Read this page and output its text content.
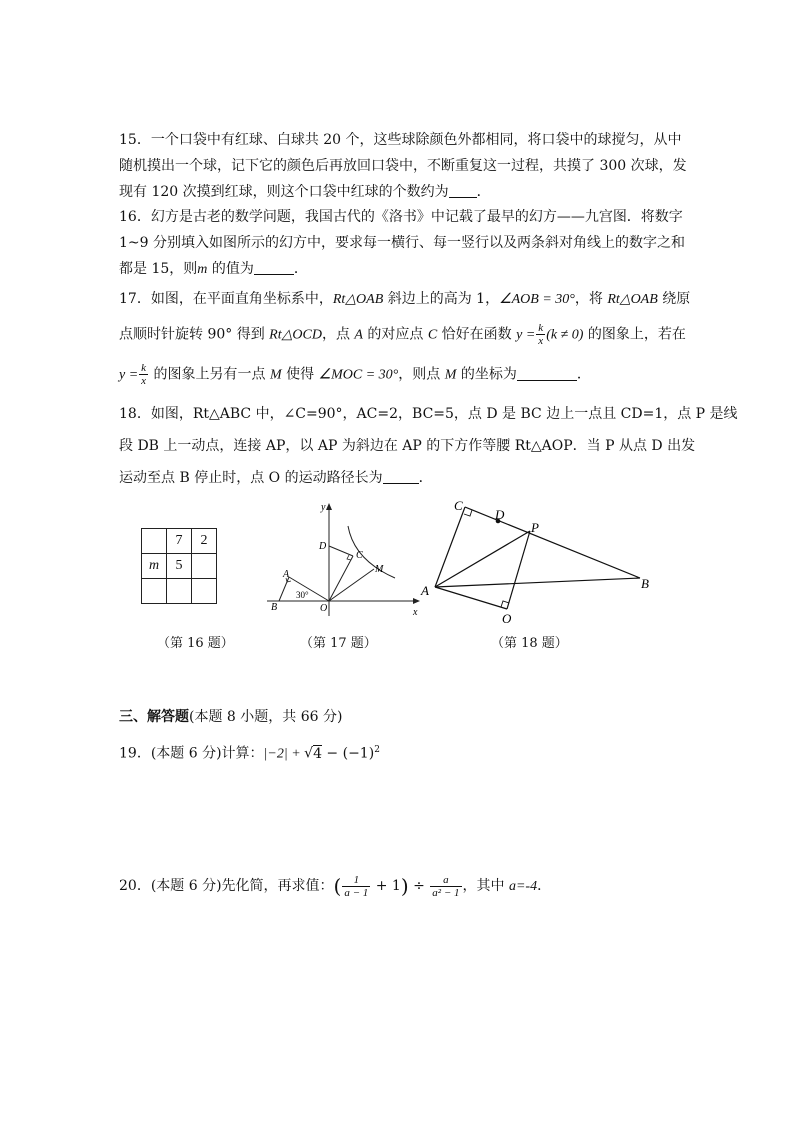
15．一个口袋中有红球、白球共 20 个，这些球除颜色外都相同，将口袋中的球搅匀，从中
随机摸出一个球，记下它的颜色后再放回口袋中，不断重复这一过程，共摸了 300 次球，发
现有 120 次摸到红球，则这个口袋中红球的个数约为 ．
16．幻方是古老的数学问题，我国古代的《洛书》中记载了最早的幻方——九宫图．将数字
1~9 分别填入如图所示的幻方中，要求每一横行、每一竖行以及两条斜对角线上的数字之和
都是 15，则m 的值为	．
17．如图，在平面直角坐标系中，Rt△OAB 斜边上的高为 1，∠AOB = 30°，将 Rt△OAB 绕原
点顺时针旋转 90° 得到 Rt△OCD，点 A 的对应点 C 恰好在函数 $y = \frac{k}{x} (k \ne 0)$ 的图象上，若在
$y = \frac{k}{x}$ 的图象上另有一点 M 使得 ∠MOC = 30°，则点 M 的坐标为	．
18．如图，Rt△ABC 中，∠C=90°，AC=2，BC=5，点 D 是 BC 边上一点且 CD=1，点 P 是线
段 DB 上一动点，连接 AP，以 AP 为斜边在 AP 的下方作等腰 Rt△AOP．当 P 从点 D 出发
运动至点 B 停止时，点 O 的运动路径长为	．
	7	2
m	5	

（第 16 题）
y
x
O
A
B
C
D
M
30°
（第 17 题）
C
D
P
A	B
O
（第 18 题）
三、解答题(本题 8 小题，共 66 分)
19．(本题 6 分)计算：$|-2| + √4 - (-1)^2$
20．(本题 6 分)先化简，再求值：( $\frac{1}{a - 1} + 1) \div \frac{a}{\text{a² − 1}}$ ，其中 a=-4．
